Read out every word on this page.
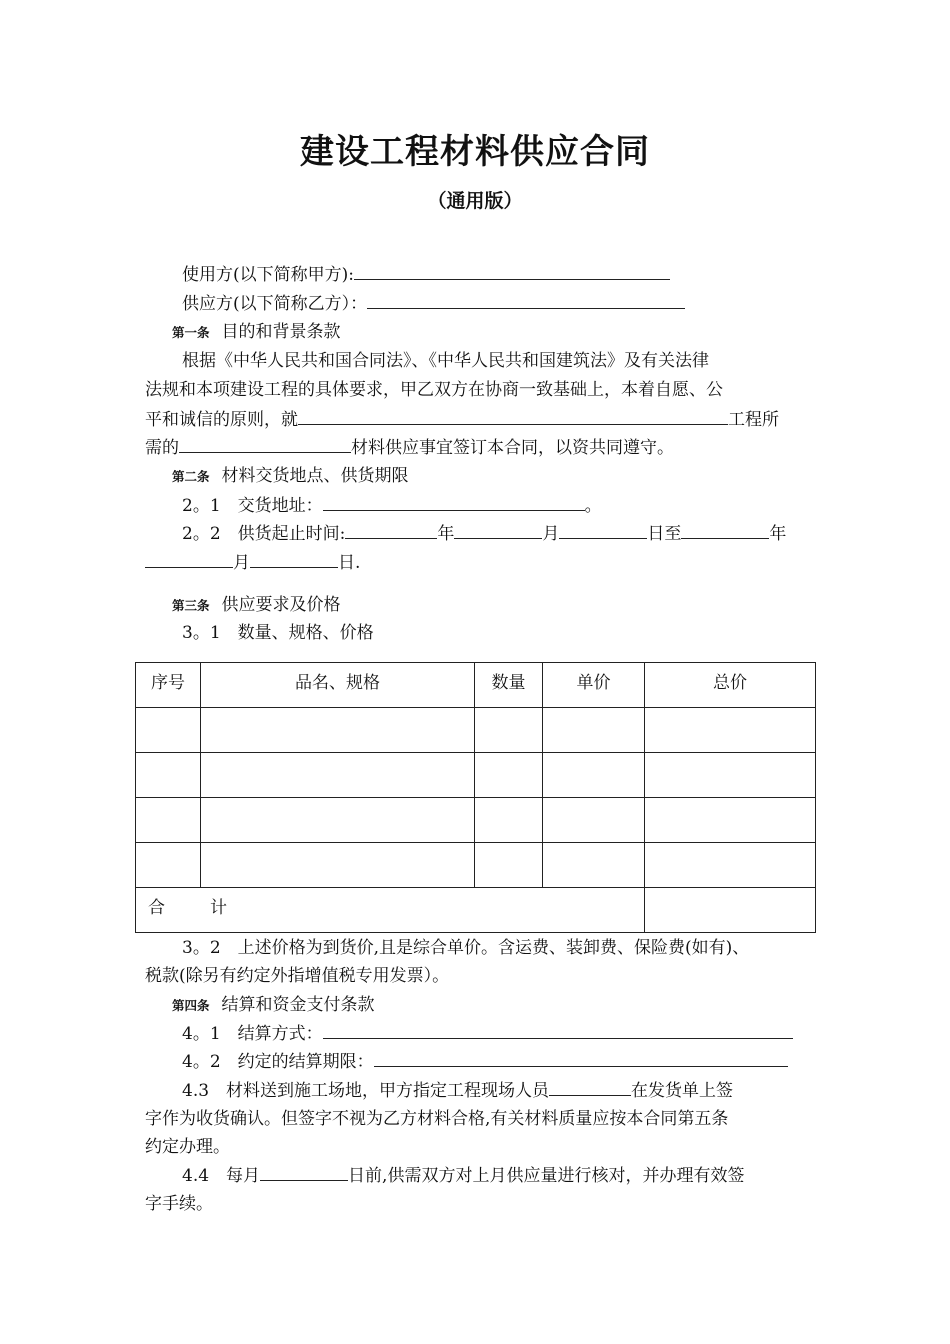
建设工程材料供应合同
（通用版）
使用方(以下简称甲方):
供应方(以下简称乙方）：
第一条 目的和背景条款
根据《中华人民共和国合同法》、《中华人民共和国建筑法》及有关法律
法规和本项建设工程的具体要求，甲乙双方在协商一致基础上，本着自愿、公
平和诚信的原则，就	工程所
需的	材料供应事宜签订本合同，以资共同遵守。
第二条 材料交货地点、供货期限
2。1　交货地址：	。
2。2　供货起止时间:	年	月	日至	年
月	日.
第三条 供应要求及价格
3。1　数量、规格、价格
序号	品名、规格	数量	单价	总价

合　计				
3。2　上述价格为到货价,且是综合单价。含运费、装卸费、保险费(如有)、
税款(除另有约定外指增值税专用发票）。
第四条 结算和资金支付条款
4。1　结算方式：
4。2　约定的结算期限：
4.3　材料送到施工场地，甲方指定工程现场人员	在发货单上签
字作为收货确认。但签字不视为乙方材料合格,有关材料质量应按本合同第五条
约定办理。
4.4　每月	日前,供需双方对上月供应量进行核对，并办理有效签
字手续。
